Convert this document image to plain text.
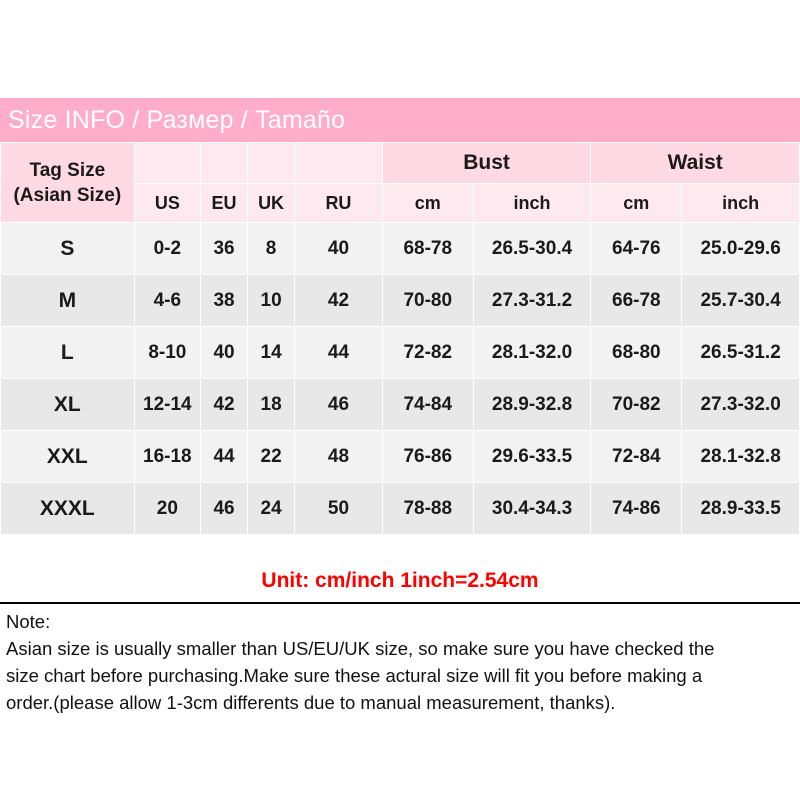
Size INFO / Размер / Tamaño
Tag Size (Asian Size)					Bust		Waist	
	US	EU	UK	RU	cm	inch	cm	inch
S	0-2	36	8	40	68-78	26.5-30.4	64-76	25.0-29.6
M	4-6	38	10	42	70-80	27.3-31.2	66-78	25.7-30.4
L	8-10	40	14	44	72-82	28.1-32.0	68-80	26.5-31.2
XL	12-14	42	18	46	74-84	28.9-32.8	70-82	27.3-32.0
XXL	16-18	44	22	48	76-86	29.6-33.5	72-84	28.1-32.8
XXXL	20	46	24	50	78-88	30.4-34.3	74-86	28.9-33.5
Unit: cm/inch 1inch=2.54cm
Note:
Asian size is usually smaller than US/EU/UK size, so make sure you have checked the
size chart before purchasing.Make sure these actural size will fit you before making a
order.(please allow 1-3cm differents due to manual measurement, thanks).
